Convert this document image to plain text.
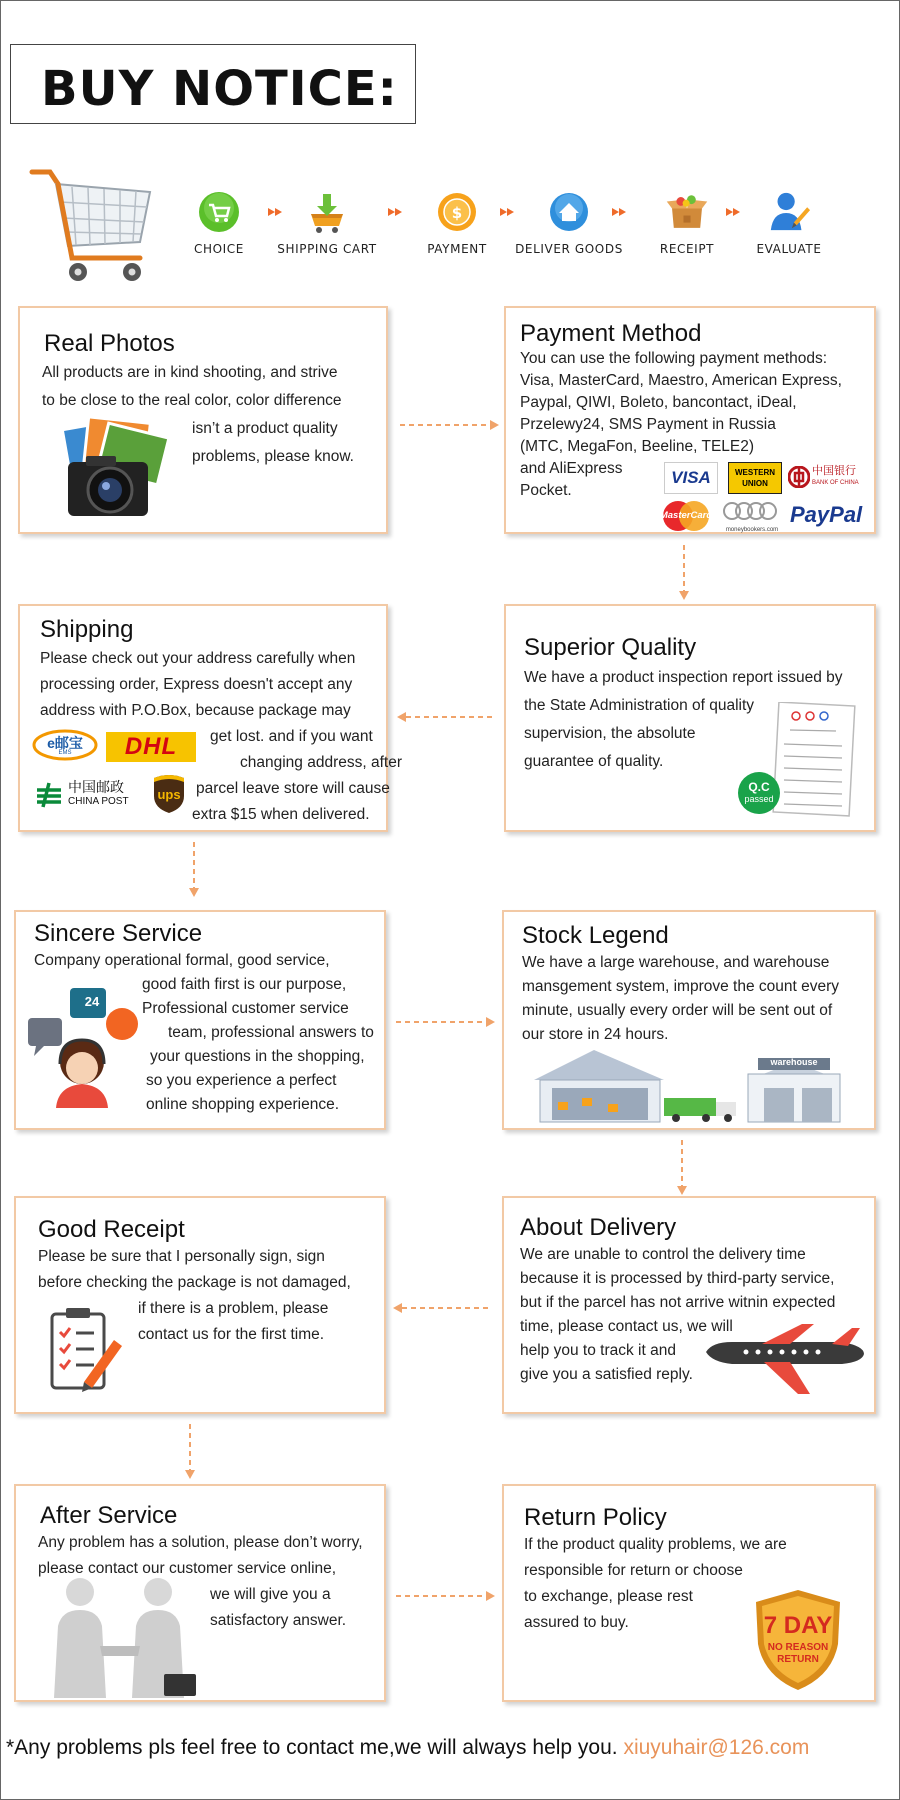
BUY NOTICE:
CHOICE	SHIPPING CART
$
PAYMENT	DELIVER GOODS	RECEIPT	EVALUATE
Real Photos
All products are in kind shooting, and strive
to be close to the real color, color difference
isn’t a product quality
problems, please know.
Payment Method
You can use the following payment methods:
Visa, MasterCard, Maestro, American Express,
Paypal, QIWI, Boleto, bancontact, iDeal,
Przelewy24, SMS Payment in Russia
(MTC, MegaFon, Beeline, TELE2)
and AliExpress
Pocket.
VISA	WESTERN
UNION
中国银行
BANK OF CHINA
MasterCard
moneybookers.com
PayPal
Shipping
Please check out your address carefully when
processing order, Express doesn't accept any
address with P.O.Box, because package may
get lost. and if you want
changing address, after
parcel leave store will cause
extra $15 when delivered.
e邮宝
EMS	DHL
中国邮政
CHINA POST	ups
Superior Quality
We have a product inspection report issued by
the State Administration of quality
supervision, the absolute
guarantee of quality.
Q.C
passed
Sincere Service
Company operational formal, good service,
good faith first is our purpose,
Professional customer service
team, professional answers to
your questions in the shopping,
so you experience a perfect
online shopping experience.
24
Stock Legend
We have a large warehouse, and warehouse
mansgement system, improve the count every
minute, usually every order will be sent out of
our store in 24 hours.
warehouse
Good Receipt
Please be sure that I personally sign, sign
before checking the package is not damaged,
if there is a problem, please
contact us for the first time.
About Delivery
We are unable to control the delivery time
because it is processed by third-party service,
but if the parcel has not arrive witnin expected
time, please contact us, we will
help you to track it and
give you a satisfied reply.
After Service
Any problem has a solution, please don’t worry,
please contact our customer service online,
we will give you a
satisfactory answer.
Return Policy
If the product quality problems, we are
responsible for return or choose
to exchange, please rest
assured to buy.	7 DAY
NO REASON
RETURN
*Any problems pls feel free to contact me,we will always help you. xiuyuhair@126.com
